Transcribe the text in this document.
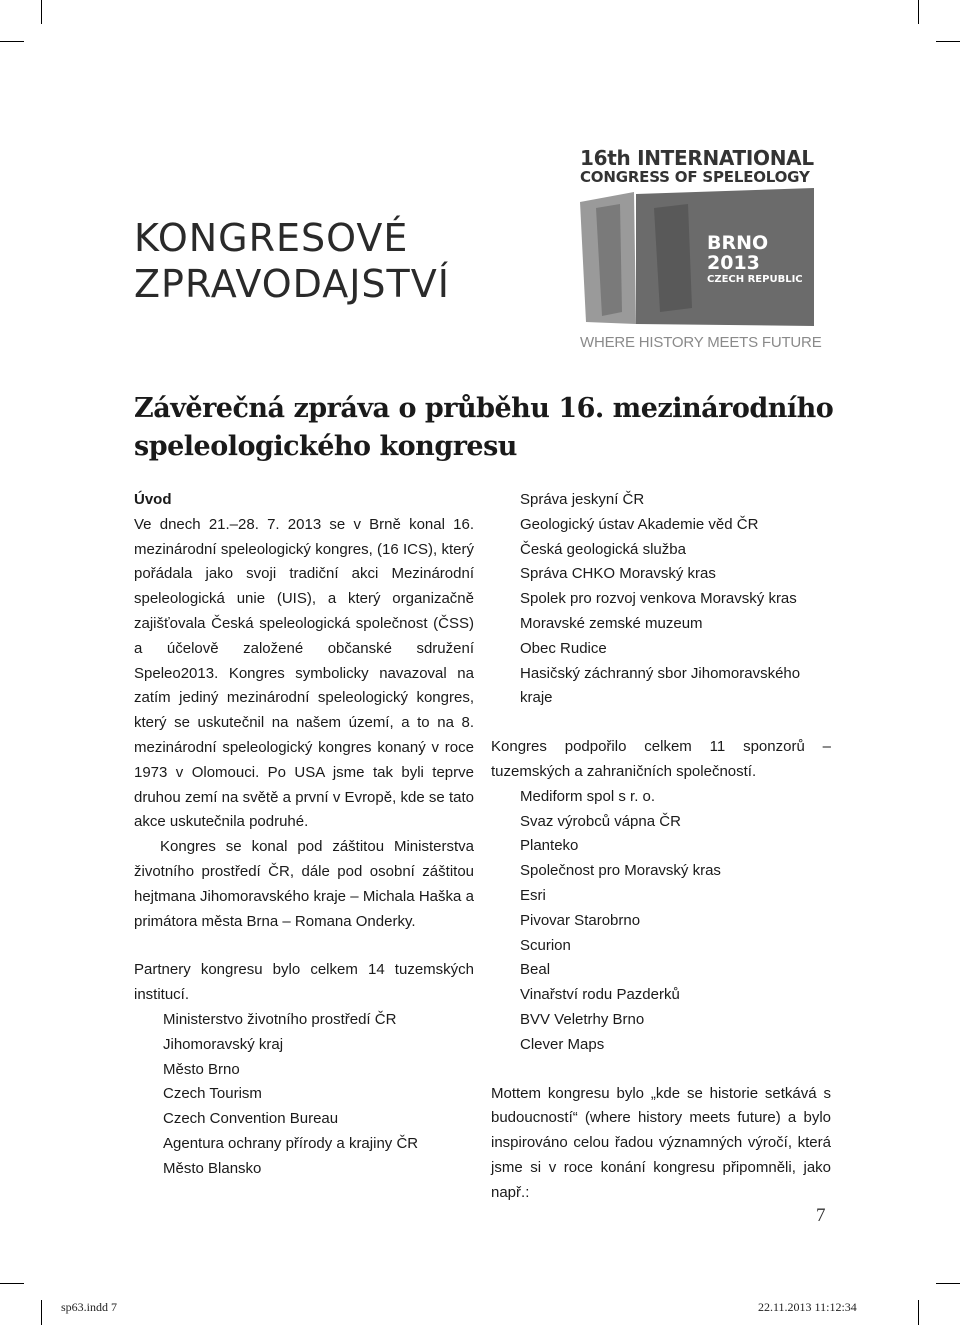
KONGRESOVÉ
ZPRAVODAJSTVÍ
16th INTERNATIONAL
CONGRESS OF SPELEOLOGY
BRNO
2013
CZECH REPUBLIC
WHERE HISTORY MEETS FUTURE
Závěrečná zpráva o průběhu 16. mezinárodního speleologického kongresu
Úvod

Ve dnech 21.–28. 7. 2013 se v Brně konal 16. mezinárodní speleologický kongres, (16 ICS), který pořádala jako svoji tradiční akci Mezinárodní speleologická unie (UIS), a který organizačně zajišťovala Česká speleologická společnost (ČSS) a účelově založené občanské sdružení Speleo2013. Kongres symbolicky navazoval na zatím jediný mezinárodní speleologický kongres, který se uskutečnil na našem území, a to na 8. mezinárodní speleologický kongres konaný v roce 1973 v Olomouci. Po USA jsme tak byli teprve druhou zemí na světě a první v Evropě, kde se tato akce uskutečnila podruhé.

Kongres se konal pod záštitou Ministerstva životního prostředí ČR, dále pod osobní záštitou hejtmana Jihomoravského kraje – Michala Haška a primátora města Brna – Romana Onderky.

Partnery kongresu bylo celkem 14 tuzemských institucí.

Ministerstvo životního prostředí ČR
Jihomoravský kraj
Město Brno
Czech Tourism
Czech Convention Bureau
Agentura ochrany přírody a krajiny ČR
Město Blansko
Správa jeskyní ČR
Geologický ústav Akademie věd ČR
Česká geologická služba
Správa CHKO Moravský kras
Spolek pro rozvoj venkova Moravský kras
Moravské zemské muzeum
Obec Rudice
Hasičský záchranný sbor Jihomoravského kraje

Kongres podpořilo celkem 11 sponzorů – tuzemských a zahraničních společností.

Mediform spol s r. o.
Svaz výrobců vápna ČR
Planteko
Společnost pro Moravský kras
Esri
Pivovar Starobrno
Scurion
Beal
Vinařství rodu Pazderků
BVV Veletrhy Brno
Clever Maps

Mottem kongresu bylo „kde se historie setkává s budoucností“ (where history meets future) a bylo inspirováno celou řadou významných výročí, která jsme si v roce konání kongresu připomněli, jako např.:

7
sp63.indd 7	22.11.2013 11:12:34
